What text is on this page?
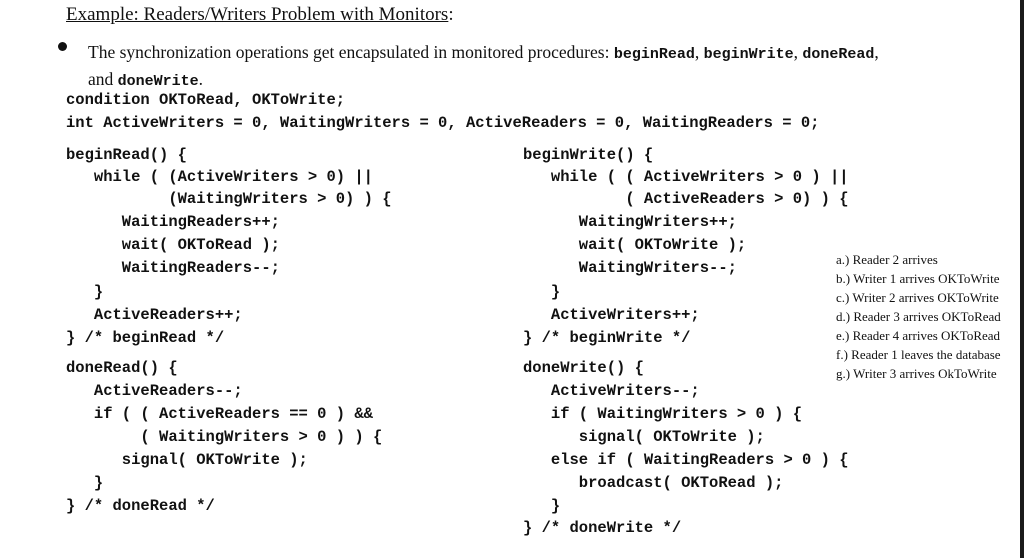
Example: Readers/Writers Problem with Monitors:
The synchronization operations get encapsulated in monitored procedures: beginRead, beginWrite, doneRead,
and doneWrite.
condition OKToRead, OKToWrite;
int ActiveWriters = 0, WaitingWriters = 0, ActiveReaders = 0, WaitingReaders = 0;
beginRead() {
while ( (ActiveWriters > 0) ||
(WaitingWriters > 0) ) {
WaitingReaders++;
wait( OKToRead );
WaitingReaders--;
}
ActiveReaders++;
} /* beginRead */
doneRead() {
ActiveReaders--;
if ( ( ActiveReaders == 0 ) &&
( WaitingWriters > 0 ) ) {
signal( OKToWrite );
}
} /* doneRead */
beginWrite() {
while ( ( ActiveWriters > 0 ) ||
( ActiveReaders > 0) ) {
WaitingWriters++;
wait( OKToWrite );
WaitingWriters--;
}
ActiveWriters++;
} /* beginWrite */
doneWrite() {
ActiveWriters--;
if ( WaitingWriters > 0 ) {
signal( OKToWrite );
else if ( WaitingReaders > 0 ) {
broadcast( OKToRead );
}
} /* doneWrite */
a.) Reader 2 arrives
b.) Writer 1 arrives OKToWrite
c.) Writer 2 arrives OKToWrite
d.) Reader 3 arrives OKToRead
e.) Reader 4 arrives OKToRead
f.) Reader 1 leaves the database
g.) Writer 3 arrives OkToWrite
